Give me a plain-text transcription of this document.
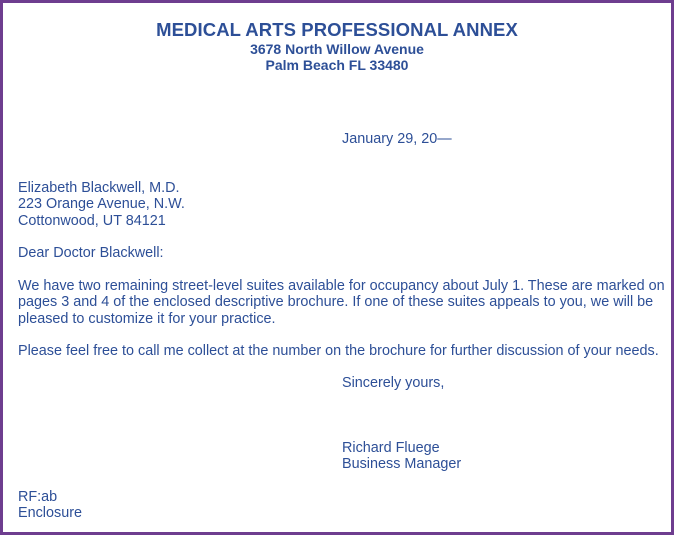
MEDICAL ARTS PROFESSIONAL ANNEX
3678 North Willow Avenue
Palm Beach FL 33480
January 29, 20—
Elizabeth Blackwell, M.D.
223 Orange Avenue, N.W.
Cottonwood, UT 84121
Dear Doctor Blackwell:
We have two remaining street-level suites available for occupancy about July 1. These are marked on pages 3 and 4 of the enclosed descriptive brochure. If one of these suites appeals to you, we will be pleased to customize it for your practice.
Please feel free to call me collect at the number on the brochure for further discussion of your needs.
Sincerely yours,
Richard Fluege
Business Manager
RF:ab
Enclosure
